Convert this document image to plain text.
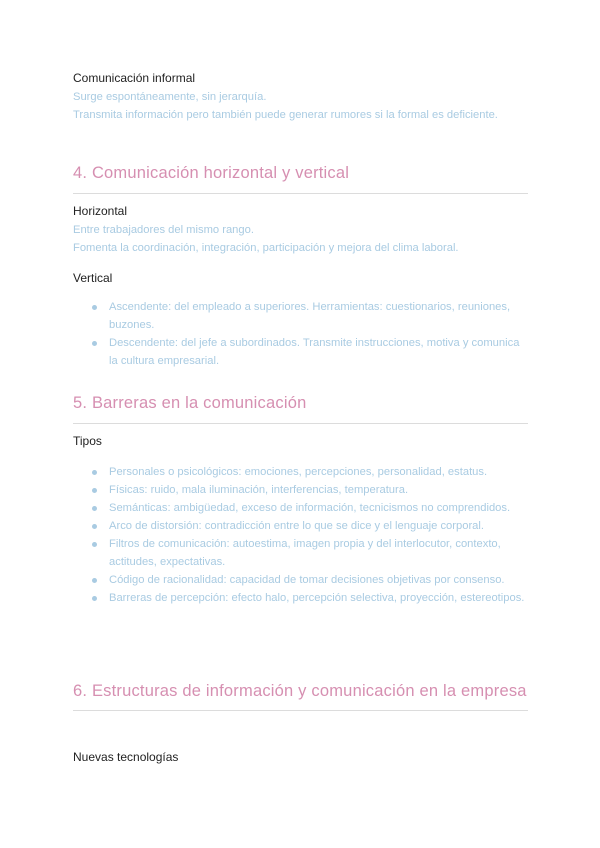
Comunicación informal
Surge espontáneamente, sin jerarquía.
Transmita información pero también puede generar rumores si la formal es deficiente.
4. Comunicación horizontal y vertical
Horizontal
Entre trabajadores del mismo rango.
Fomenta la coordinación, integración, participación y mejora del clima laboral.
Vertical
Ascendente: del empleado a superiores. Herramientas: cuestionarios, reuniones, buzones.
Descendente: del jefe a subordinados. Transmite instrucciones, motiva y comunica la cultura empresarial.
5. Barreras en la comunicación
Tipos
Personales o psicológicos: emociones, percepciones, personalidad, estatus.
Físicas: ruido, mala iluminación, interferencias, temperatura.
Semánticas: ambigüedad, exceso de información, tecnicismos no comprendidos.
Arco de distorsión: contradicción entre lo que se dice y el lenguaje corporal.
Filtros de comunicación: autoestima, imagen propia y del interlocutor, contexto, actitudes, expectativas.
Código de racionalidad: capacidad de tomar decisiones objetivas por consenso.
Barreras de percepción: efecto halo, percepción selectiva, proyección, estereotipos.
6. Estructuras de información y comunicación en la empresa
Nuevas tecnologías
